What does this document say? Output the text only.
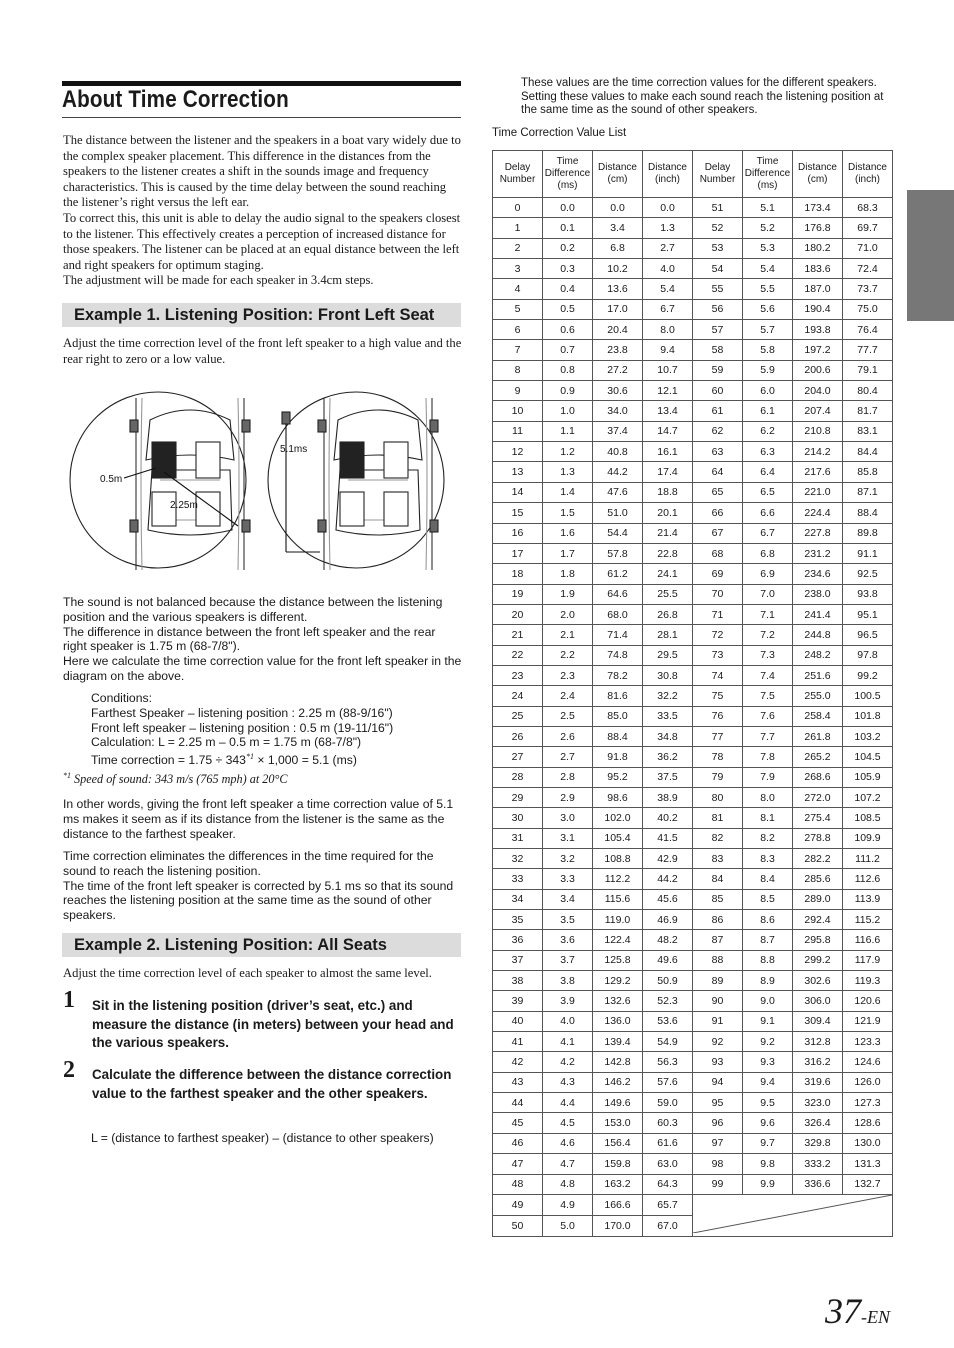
About Time Correction
The distance between the listener and the speakers in a boat vary widely due to the complex speaker placement. This difference in the distances from the speakers to the listener creates a shift in the sounds image and frequency characteristics. This is caused by the time delay between the sound reaching the listener’s right versus the left ear.
To correct this, this unit is able to delay the audio signal to the speakers closest to the listener. This effectively creates a perception of increased distance for those speakers. The listener can be placed at an equal distance between the left and right speakers for optimum staging.
The adjustment will be made for each speaker in 3.4cm steps.
Example 1. Listening Position: Front Left Seat
Adjust the time correction level of the front left speaker to a high value and the rear right to zero or a low value.
0.5m
2.25m
5.1ms
The sound is not balanced because the distance between the listening position and the various speakers is different.
The difference in distance between the front left speaker and the rear right speaker is 1.75 m (68-7/8").
Here we calculate the time correction value for the front left speaker in the diagram on the above.
Conditions:
Farthest Speaker – listening position : 2.25 m (88-9/16")
Front left speaker – listening position : 0.5 m (19-11/16")
Calculation: L = 2.25 m – 0.5 m = 1.75 m (68-7/8")
Time correction = $1.75 \div 343^{*1} \times 1,000 = 5.1$ (ms)
$^{*1}$ Speed of sound: 343 m/s (765 mph) at 20°C
In other words, giving the front left speaker a time correction value of 5.1 ms makes it seem as if its distance from the listener is the same as the distance to the farthest speaker.
Time correction eliminates the differences in the time required for the sound to reach the listening position.
The time of the front left speaker is corrected by 5.1 ms so that its sound reaches the listening position at the same time as the sound of other speakers.
Example 2. Listening Position: All Seats
Adjust the time correction level of each speaker to almost the same level.
1 Sit in the listening position (driver’s seat, etc.) and measure the distance (in meters) between your head and the various speakers.
2 Calculate the difference between the distance correction value to the farthest speaker and the other speakers.
L = (distance to farthest speaker) – (distance to other speakers)
These values are the time correction values for the different speakers. Setting these values to make each sound reach the listening position at the same time as the sound of other speakers.
Time Correction Value List
Delay Number	Time Difference (ms)	Distance (cm)	Distance (inch)	Delay Number	Time Difference (ms)	Distance (cm)	Distance (inch)
0	0.0	0.0	0.0	51	5.1	173.4	68.3
1	0.1	3.4	1.3	52	5.2	176.8	69.7
2	0.2	6.8	2.7	53	5.3	180.2	71.0
3	0.3	10.2	4.0	54	5.4	183.6	72.4
4	0.4	13.6	5.4	55	5.5	187.0	73.7
5	0.5	17.0	6.7	56	5.6	190.4	75.0
6	0.6	20.4	8.0	57	5.7	193.8	76.4
7	0.7	23.8	9.4	58	5.8	197.2	77.7
8	0.8	27.2	10.7	59	5.9	200.6	79.1
9	0.9	30.6	12.1	60	6.0	204.0	80.4
10	1.0	34.0	13.4	61	6.1	207.4	81.7
11	1.1	37.4	14.7	62	6.2	210.8	83.1
12	1.2	40.8	16.1	63	6.3	214.2	84.4
13	1.3	44.2	17.4	64	6.4	217.6	85.8
14	1.4	47.6	18.8	65	6.5	221.0	87.1
15	1.5	51.0	20.1	66	6.6	224.4	88.4
16	1.6	54.4	21.4	67	6.7	227.8	89.8
17	1.7	57.8	22.8	68	6.8	231.2	91.1
18	1.8	61.2	24.1	69	6.9	234.6	92.5
19	1.9	64.6	25.5	70	7.0	238.0	93.8
20	2.0	68.0	26.8	71	7.1	241.4	95.1
21	2.1	71.4	28.1	72	7.2	244.8	96.5
22	2.2	74.8	29.5	73	7.3	248.2	97.8
23	2.3	78.2	30.8	74	7.4	251.6	99.2
24	2.4	81.6	32.2	75	7.5	255.0	100.5
25	2.5	85.0	33.5	76	7.6	258.4	101.8
26	2.6	88.4	34.8	77	7.7	261.8	103.2
27	2.7	91.8	36.2	78	7.8	265.2	104.5
28	2.8	95.2	37.5	79	7.9	268.6	105.9
29	2.9	98.6	38.9	80	8.0	272.0	107.2
30	3.0	102.0	40.2	81	8.1	275.4	108.5
31	3.1	105.4	41.5	82	8.2	278.8	109.9
32	3.2	108.8	42.9	83	8.3	282.2	111.2
33	3.3	112.2	44.2	84	8.4	285.6	112.6
34	3.4	115.6	45.6	85	8.5	289.0	113.9
35	3.5	119.0	46.9	86	8.6	292.4	115.2
36	3.6	122.4	48.2	87	8.7	295.8	116.6
37	3.7	125.8	49.6	88	8.8	299.2	117.9
38	3.8	129.2	50.9	89	8.9	302.6	119.3
39	3.9	132.6	52.3	90	9.0	306.0	120.6
40	4.0	136.0	53.6	91	9.1	309.4	121.9
41	4.1	139.4	54.9	92	9.2	312.8	123.3
42	4.2	142.8	56.3	93	9.3	316.2	124.6
43	4.3	146.2	57.6	94	9.4	319.6	126.0
44	4.4	149.6	59.0	95	9.5	323.0	127.3
45	4.5	153.0	60.3	96	9.6	326.4	128.6
46	4.6	156.4	61.6	97	9.7	329.8	130.0
47	4.7	159.8	63.0	98	9.8	333.2	131.3
48	4.8	163.2	64.3	99	9.9	336.6	132.7
49	4.9	166.6	65.7	
50	5.0	170.0	67.0				
37-EN
